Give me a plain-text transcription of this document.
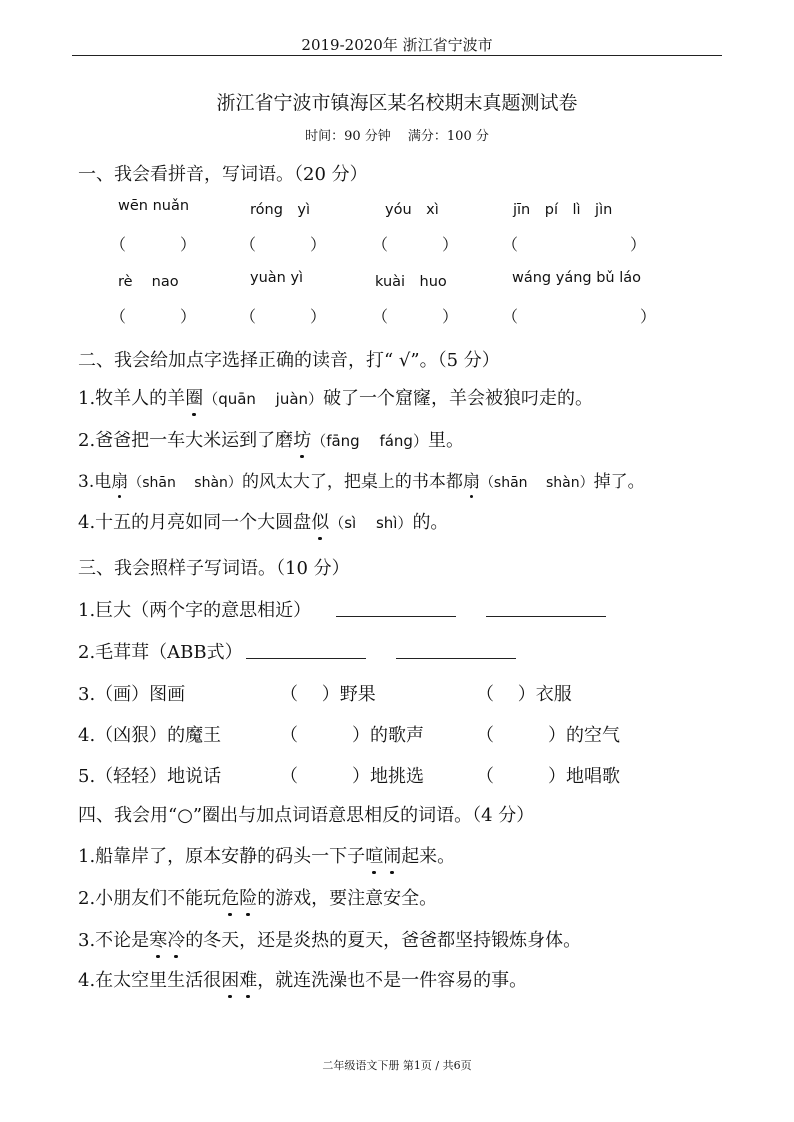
2019-2020年 浙江省宁波市
浙江省宁波市镇海区某名校期末真题测试卷
时间：90 分钟　 满分：100 分
一、我会看拼音，写词语。（20 分）
wēn nuǎn	róng　yì	yóu　xì	jīn　pí　lì　jìn
（	）	（	）	（	）	（	）
rè　 nao	yuàn yì	kuài　huo	wáng yáng bǔ láo
（	）	（	）	（	）	（	）
二、我会给加点字选择正确的读音，打“ √”。（5 分）
1.牧羊人的羊圈（quān　 juàn）破了一个窟窿，羊会被狼叼走的。
2.爸爸把一车大米运到了磨坊（fāng　 fáng）里。
3.电扇（shān　 shàn）的风太大了，把桌上的书本都扇（shān　 shàn）掉了。
4.十五的月亮如同一个大圆盘似（sì　 shì）的。
三、我会照样子写词语。（10 分）
1.巨大（两个字的意思相近）
2.毛茸茸（ABB式）
3.（画）图画	（　 ）野果	（　 ）衣服
4.（凶狠）的魔王	（　　　）的歌声	（　　　）的空气
5.（轻轻）地说话	（　　　）地挑选	（　　　）地唱歌
四、我会用“○”圈出与加点词语意思相反的词语。（4 分）
1.船靠岸了，原本安静的码头一下子喧闹起来。
2.小朋友们不能玩危险的游戏，要注意安全。
3.不论是寒冷的冬天，还是炎热的夏天，爸爸都坚持锻炼身体。
4.在太空里生活很困难，就连洗澡也不是一件容易的事。
二年级语文下册 第1页 / 共6页
